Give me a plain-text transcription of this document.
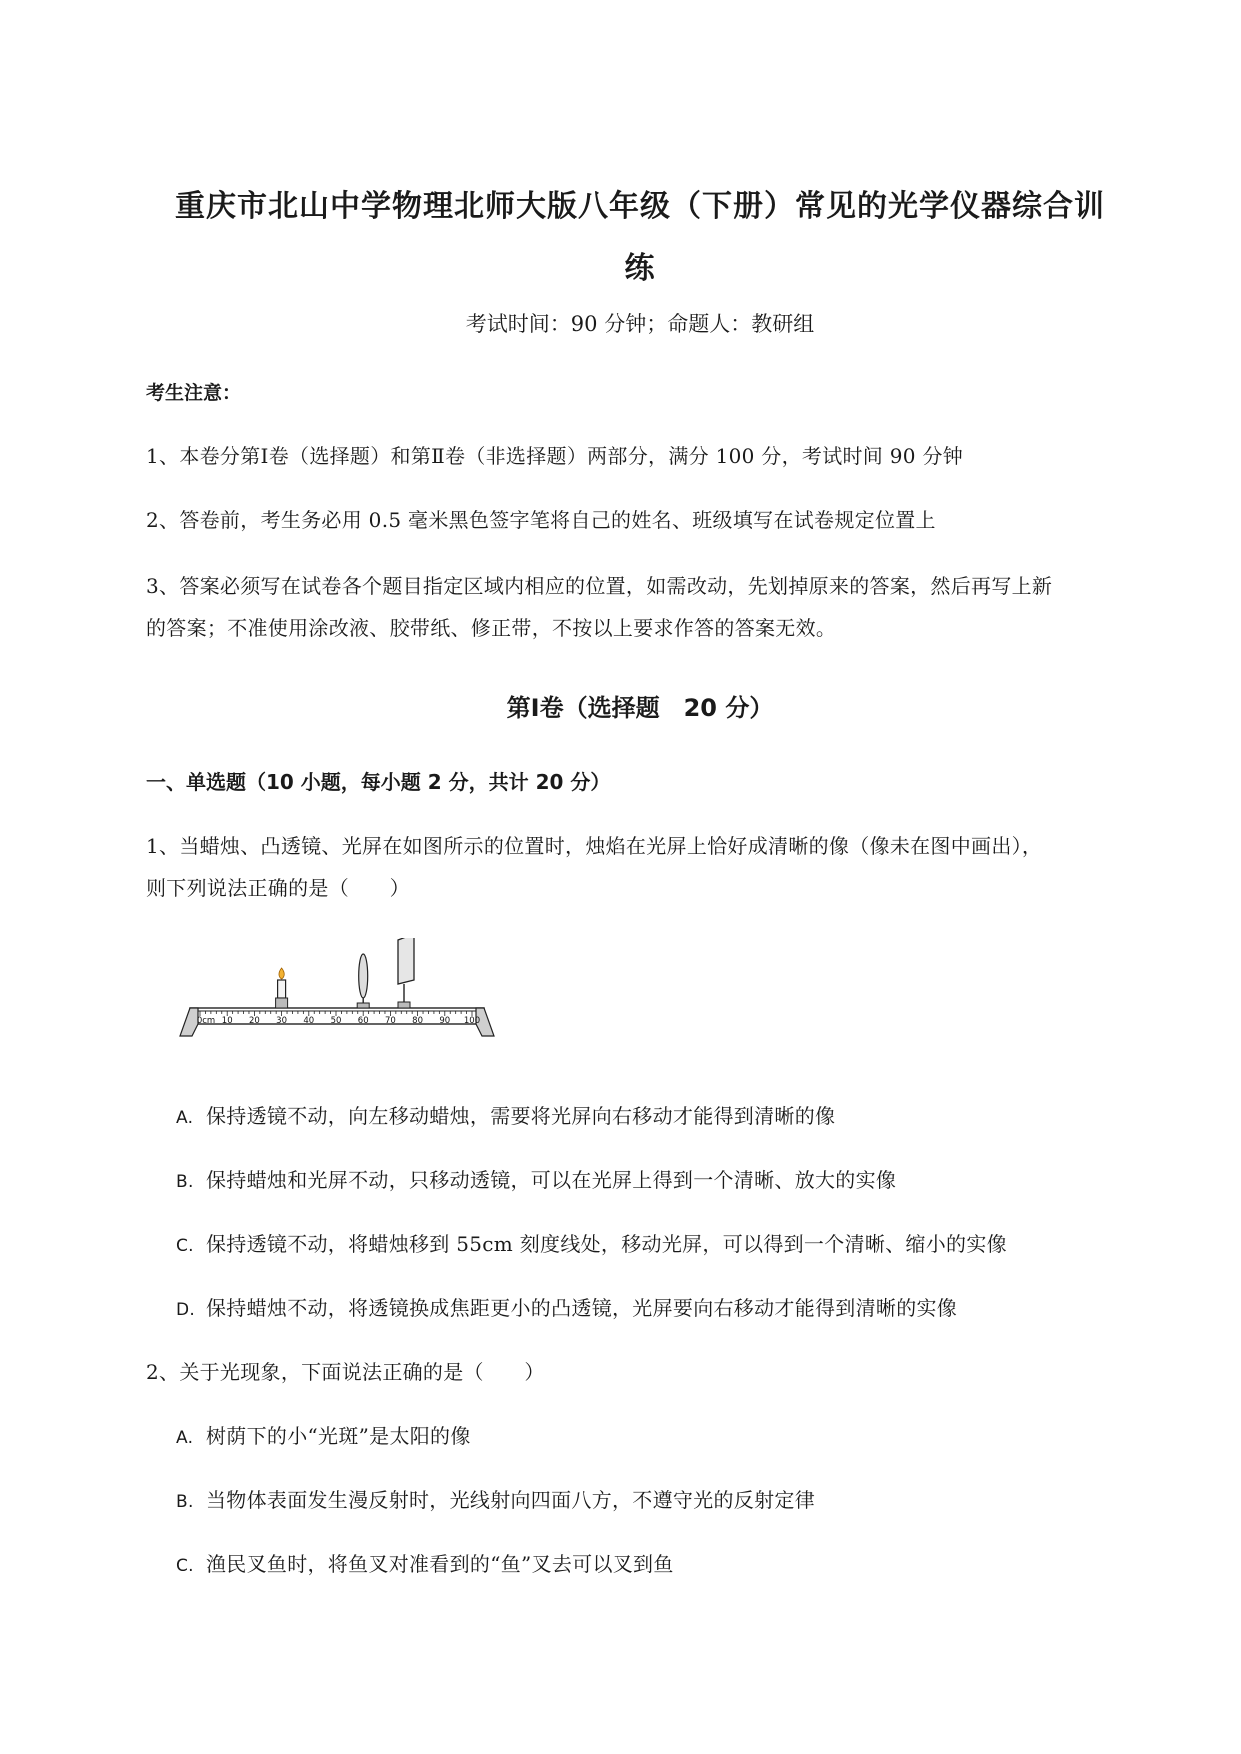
重庆市北山中学物理北师大版八年级（下册）常见的光学仪器综合训
练
考试时间：90 分钟；命题人：教研组
考生注意：
1、本卷分第Ⅰ卷（选择题）和第Ⅱ卷（非选择题）两部分，满分 100 分，考试时间 90 分钟
2、答卷前，考生务必用 0.5 毫米黑色签字笔将自己的姓名、班级填写在试卷规定位置上
3、答案必须写在试卷各个题目指定区域内相应的位置，如需改动，先划掉原来的答案，然后再写上新
的答案；不准使用涂改液、胶带纸、修正带，不按以上要求作答的答案无效。
第Ⅰ卷（选择题　20 分）
一、单选题（10 小题，每小题 2 分，共计 20 分）
1、当蜡烛、凸透镜、光屏在如图所示的位置时，烛焰在光屏上恰好成清晰的像（像未在图中画出），
则下列说法正确的是（　　）
0cm 10 20 30 40 50 60 70 80 90 100
A. 保持透镜不动，向左移动蜡烛，需要将光屏向右移动才能得到清晰的像
B. 保持蜡烛和光屏不动，只移动透镜，可以在光屏上得到一个清晰、放大的实像
C. 保持透镜不动，将蜡烛移到 55cm 刻度线处，移动光屏，可以得到一个清晰、缩小的实像
D. 保持蜡烛不动，将透镜换成焦距更小的凸透镜，光屏要向右移动才能得到清晰的实像
2、关于光现象，下面说法正确的是（　　）
A. 树荫下的小“光斑”是太阳的像
B. 当物体表面发生漫反射时，光线射向四面八方，不遵守光的反射定律
C. 渔民叉鱼时，将鱼叉对准看到的“鱼”叉去可以叉到鱼
